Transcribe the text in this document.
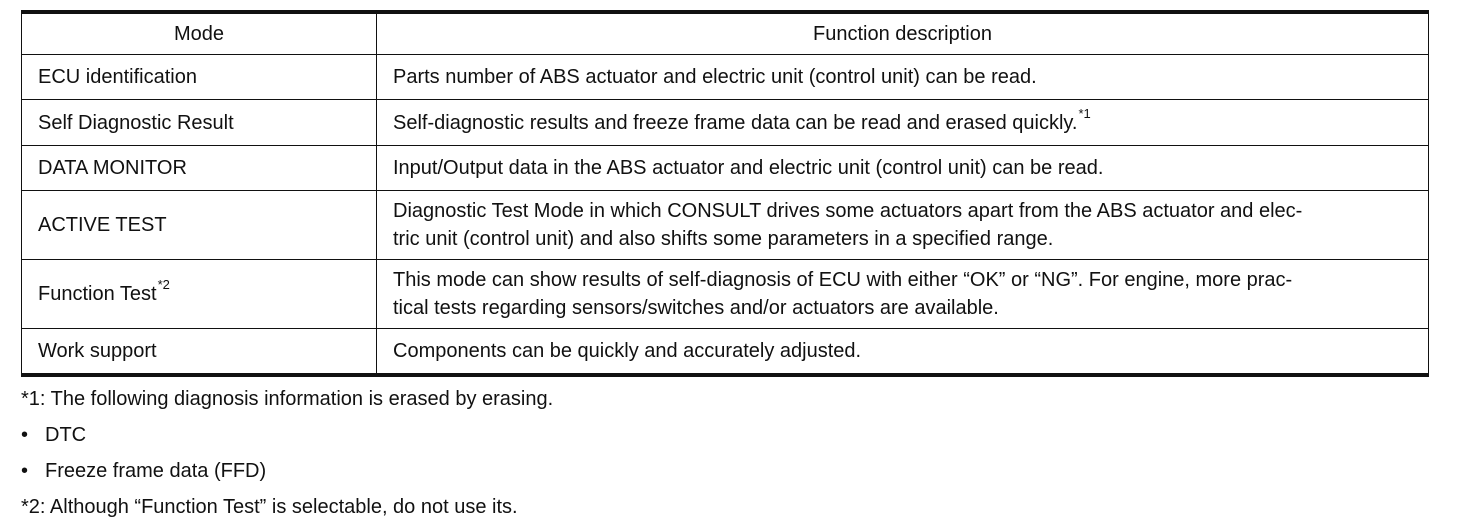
Mode	Function description
ECU identification	Parts number of ABS actuator and electric unit (control unit) can be read.
Self Diagnostic Result	Self-diagnostic results and freeze frame data can be read and erased quickly.$^{*1}$
DATA MONITOR	Input/Output data in the ABS actuator and electric unit (control unit) can be read.
ACTIVE TEST	Diagnostic Test Mode in which CONSULT drives some actuators apart from the ABS actuator and elec-
tric unit (control unit) and also shifts some parameters in a specified range.
Function Test$^{*2}$	This mode can show results of self-diagnosis of ECU with either “OK” or “NG”. For engine, more prac-
tical tests regarding sensors/switches and/or actuators are available.
Work support	Components can be quickly and accurately adjusted.

*1: The following diagnosis information is erased by erasing.

• DTC

• Freeze frame data (FFD)

*2: Although “Function Test” is selectable, do not use its.
